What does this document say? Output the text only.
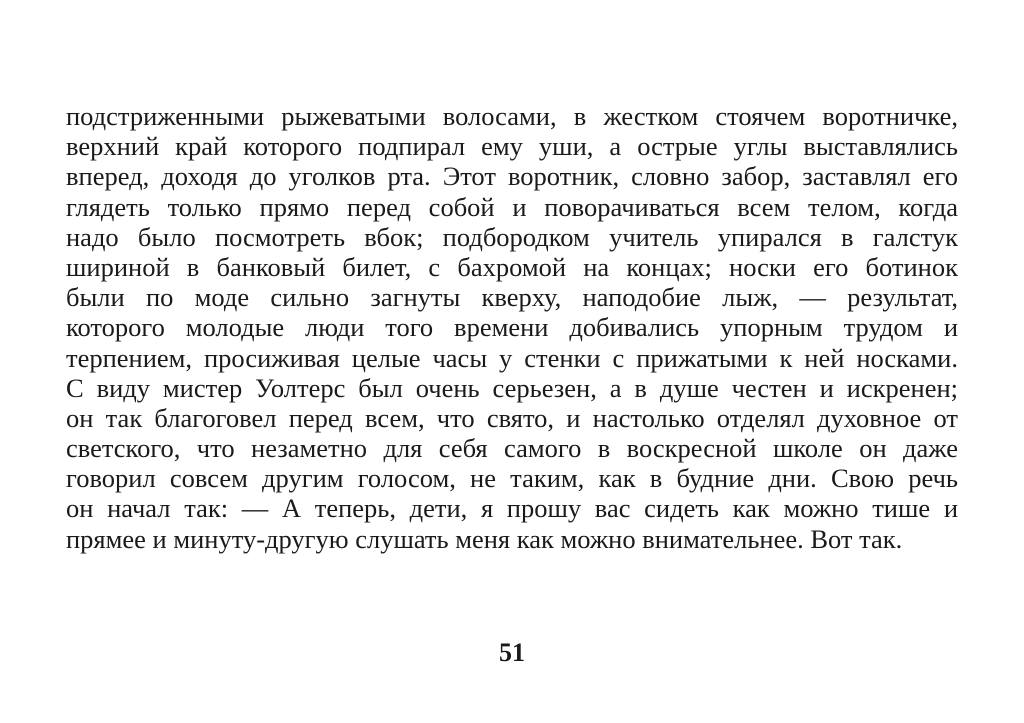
подстриженными рыжеватыми волосами, в жестком стоячем воротничке,
верхний край которого подпирал ему уши, а острые углы выставлялись
вперед, доходя до уголков рта. Этот воротник, словно забор, заставлял его
глядеть только прямо перед собой и поворачиваться всем телом, когда
надо было посмотреть вбок; подбородком учитель упирался в галстук
шириной в банковый билет, с бахромой на концах; носки его ботинок
были по моде сильно загнуты кверху, наподобие лыж, — результат,
которого молодые люди того времени добивались упорным трудом и
терпением, просиживая целые часы у стенки с прижатыми к ней носками.
С виду мистер Уолтерс был очень серьезен, а в душе честен и искренен;
он так благоговел перед всем, что свято, и настолько отделял духовное от
светского, что незаметно для себя самого в воскресной школе он даже
говорил совсем другим голосом, не таким, как в будние дни. Свою речь
он начал так: — А теперь, дети, я прошу вас сидеть как можно тише и
прямее и минуту-другую слушать меня как можно внимательнее. Вот так.
51
